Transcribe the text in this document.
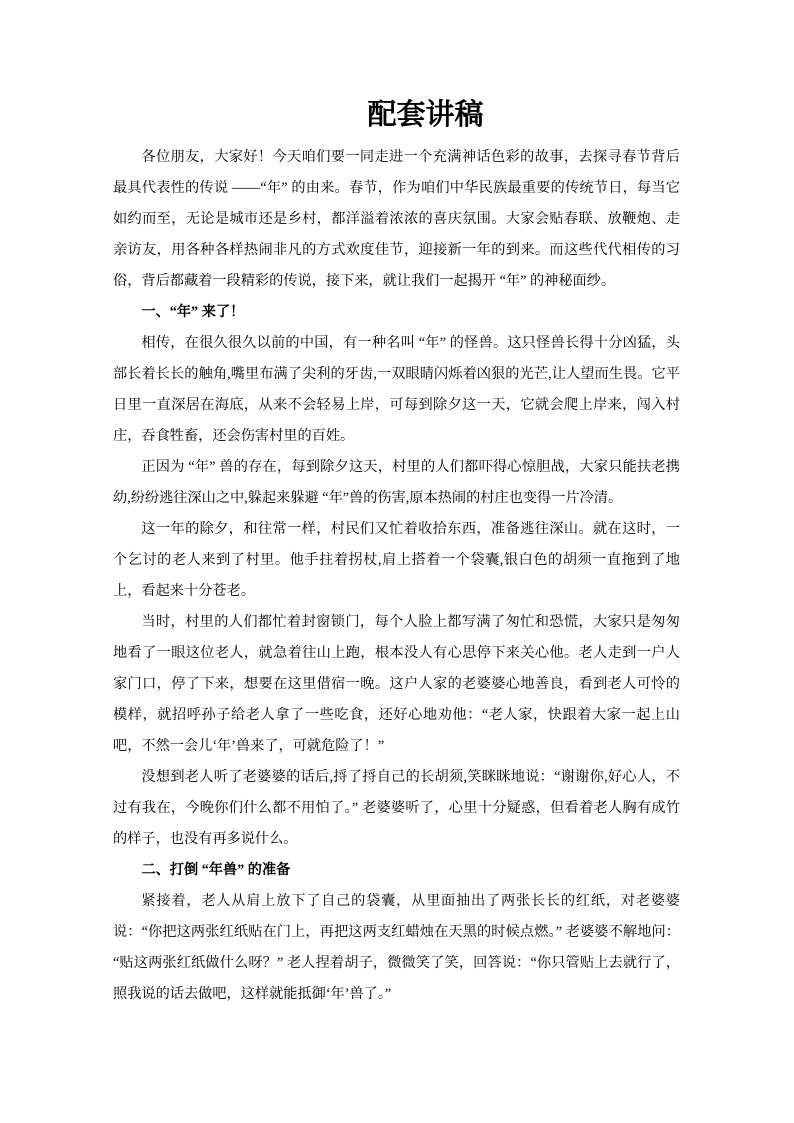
配套讲稿

各位朋友，大家好！今天咱们要一同走进一个充满神话色彩的故事，去探寻春节背后最具代表性的传说 ——“年” 的由来。春节，作为咱们中华民族最重要的传统节日，每当它如约而至，无论是城市还是乡村，都洋溢着浓浓的喜庆氛围。大家会贴春联、放鞭炮、走亲访友，用各种各样热闹非凡的方式欢度佳节，迎接新一年的到来。而这些代代相传的习俗，背后都藏着一段精彩的传说，接下来，就让我们一起揭开 “年” 的神秘面纱。

一、“年” 来了！

相传，在很久很久以前的中国，有一种名叫 “年” 的怪兽。这只怪兽长得十分凶猛，头部长着长长的触角,嘴里布满了尖利的牙齿,一双眼睛闪烁着凶狠的光芒,让人望而生畏。它平日里一直深居在海底，从来不会轻易上岸，可每到除夕这一天，它就会爬上岸来，闯入村庄，吞食牲畜，还会伤害村里的百姓。

正因为 “年” 兽的存在，每到除夕这天，村里的人们都吓得心惊胆战，大家只能扶老携幼,纷纷逃往深山之中,躲起来躲避 “年”兽的伤害,原本热闹的村庄也变得一片冷清。

这一年的除夕，和往常一样，村民们又忙着收拾东西，准备逃往深山。就在这时，一个乞讨的老人来到了村里。他手拄着拐杖,肩上搭着一个袋囊,银白色的胡须一直拖到了地上，看起来十分苍老。

当时，村里的人们都忙着封窗锁门，每个人脸上都写满了匆忙和恐慌，大家只是匆匆地看了一眼这位老人，就急着往山上跑，根本没人有心思停下来关心他。老人走到一户人家门口，停了下来，想要在这里借宿一晚。这户人家的老婆婆心地善良，看到老人可怜的模样，就招呼孙子给老人拿了一些吃食，还好心地劝他：“老人家，快跟着大家一起上山吧，不然一会儿‘年’兽来了，可就危险了！”

没想到老人听了老婆婆的话后,捋了捋自己的长胡须,笑眯眯地说：“谢谢你,好心人，不过有我在，今晚你们什么都不用怕了。” 老婆婆听了，心里十分疑惑，但看着老人胸有成竹的样子，也没有再多说什么。

二、打倒 “年兽” 的准备

紧接着，老人从肩上放下了自己的袋囊，从里面抽出了两张长长的红纸，对老婆婆说：“你把这两张红纸贴在门上，再把这两支红蜡烛在天黑的时候点燃。” 老婆婆不解地问：“贴这两张红纸做什么呀？” 老人捏着胡子，微微笑了笑，回答说：“你只管贴上去就行了，照我说的话去做吧，这样就能抵御‘年’兽了。”
